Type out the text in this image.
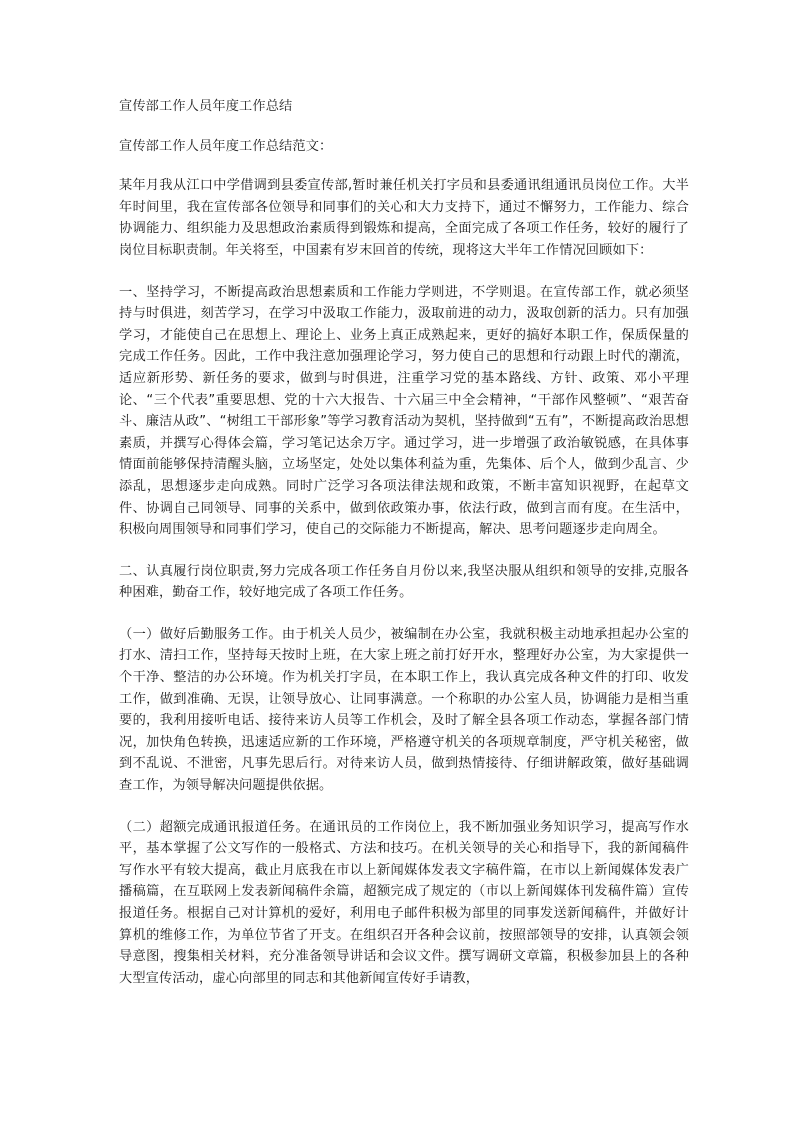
宣传部工作人员年度工作总结

宣传部工作人员年度工作总结范文：

某年月我从江口中学借调到县委宣传部,暂时兼任机关打字员和县委通讯组通讯员岗位工作。大半年时间里，我在宣传部各位领导和同事们的关心和大力支持下，通过不懈努力，工作能力、综合协调能力、组织能力及思想政治素质得到锻炼和提高，全面完成了各项工作任务，较好的履行了岗位目标职责制。年关将至，中国素有岁末回首的传统，现将这大半年工作情况回顾如下：

一、坚持学习，不断提高政治思想素质和工作能力学则进，不学则退。在宣传部工作，就必须坚持与时俱进，刻苦学习，在学习中汲取工作能力，汲取前进的动力，汲取创新的活力。只有加强学习，才能使自己在思想上、理论上、业务上真正成熟起来，更好的搞好本职工作，保质保量的完成工作任务。因此，工作中我注意加强理论学习，努力使自己的思想和行动跟上时代的潮流，适应新形势、新任务的要求，做到与时俱进，注重学习党的基本路线、方针、政策、邓小平理论、“三个代表”重要思想、党的十六大报告、十六届三中全会精神，“干部作风整顿”、“艰苦奋斗、廉洁从政”、“树组工干部形象”等学习教育活动为契机，坚持做到“五有”，不断提高政治思想素质，并撰写心得体会篇，学习笔记达余万字。通过学习，进一步增强了政治敏锐感，在具体事情面前能够保持清醒头脑，立场坚定，处处以集体利益为重，先集体、后个人，做到少乱言、少添乱，思想逐步走向成熟。同时广泛学习各项法律法规和政策，不断丰富知识视野，在起草文件、协调自己同领导、同事的关系中，做到依政策办事，依法行政，做到言而有度。在生活中，积极向周围领导和同事们学习，使自己的交际能力不断提高，解决、思考问题逐步走向周全。

二、认真履行岗位职责,努力完成各项工作任务自月份以来,我坚决服从组织和领导的安排,克服各种困难，勤奋工作，较好地完成了各项工作任务。

（一）做好后勤服务工作。由于机关人员少，被编制在办公室，我就积极主动地承担起办公室的打水、清扫工作，坚持每天按时上班，在大家上班之前打好开水，整理好办公室，为大家提供一个干净、整洁的办公环境。作为机关打字员，在本职工作上，我认真完成各种文件的打印、收发工作，做到准确、无误，让领导放心、让同事满意。一个称职的办公室人员，协调能力是相当重要的，我利用接听电话、接待来访人员等工作机会，及时了解全县各项工作动态，掌握各部门情况，加快角色转换，迅速适应新的工作环境，严格遵守机关的各项规章制度，严守机关秘密，做到不乱说、不泄密，凡事先思后行。对待来访人员，做到热情接待、仔细讲解政策，做好基础调查工作，为领导解决问题提供依据。

（二）超额完成通讯报道任务。在通讯员的工作岗位上，我不断加强业务知识学习，提高写作水平，基本掌握了公文写作的一般格式、方法和技巧。在机关领导的关心和指导下，我的新闻稿件写作水平有较大提高，截止月底我在市以上新闻媒体发表文字稿件篇，在市以上新闻媒体发表广播稿篇，在互联网上发表新闻稿件余篇，超额完成了规定的（市以上新闻媒体刊发稿件篇）宣传报道任务。根据自己对计算机的爱好，利用电子邮件积极为部里的同事发送新闻稿件，并做好计算机的维修工作，为单位节省了开支。在组织召开各种会议前，按照部领导的安排，认真领会领导意图，搜集相关材料，充分准备领导讲话和会议文件。撰写调研文章篇，积极参加县上的各种大型宣传活动，虚心向部里的同志和其他新闻宣传好手请教，
